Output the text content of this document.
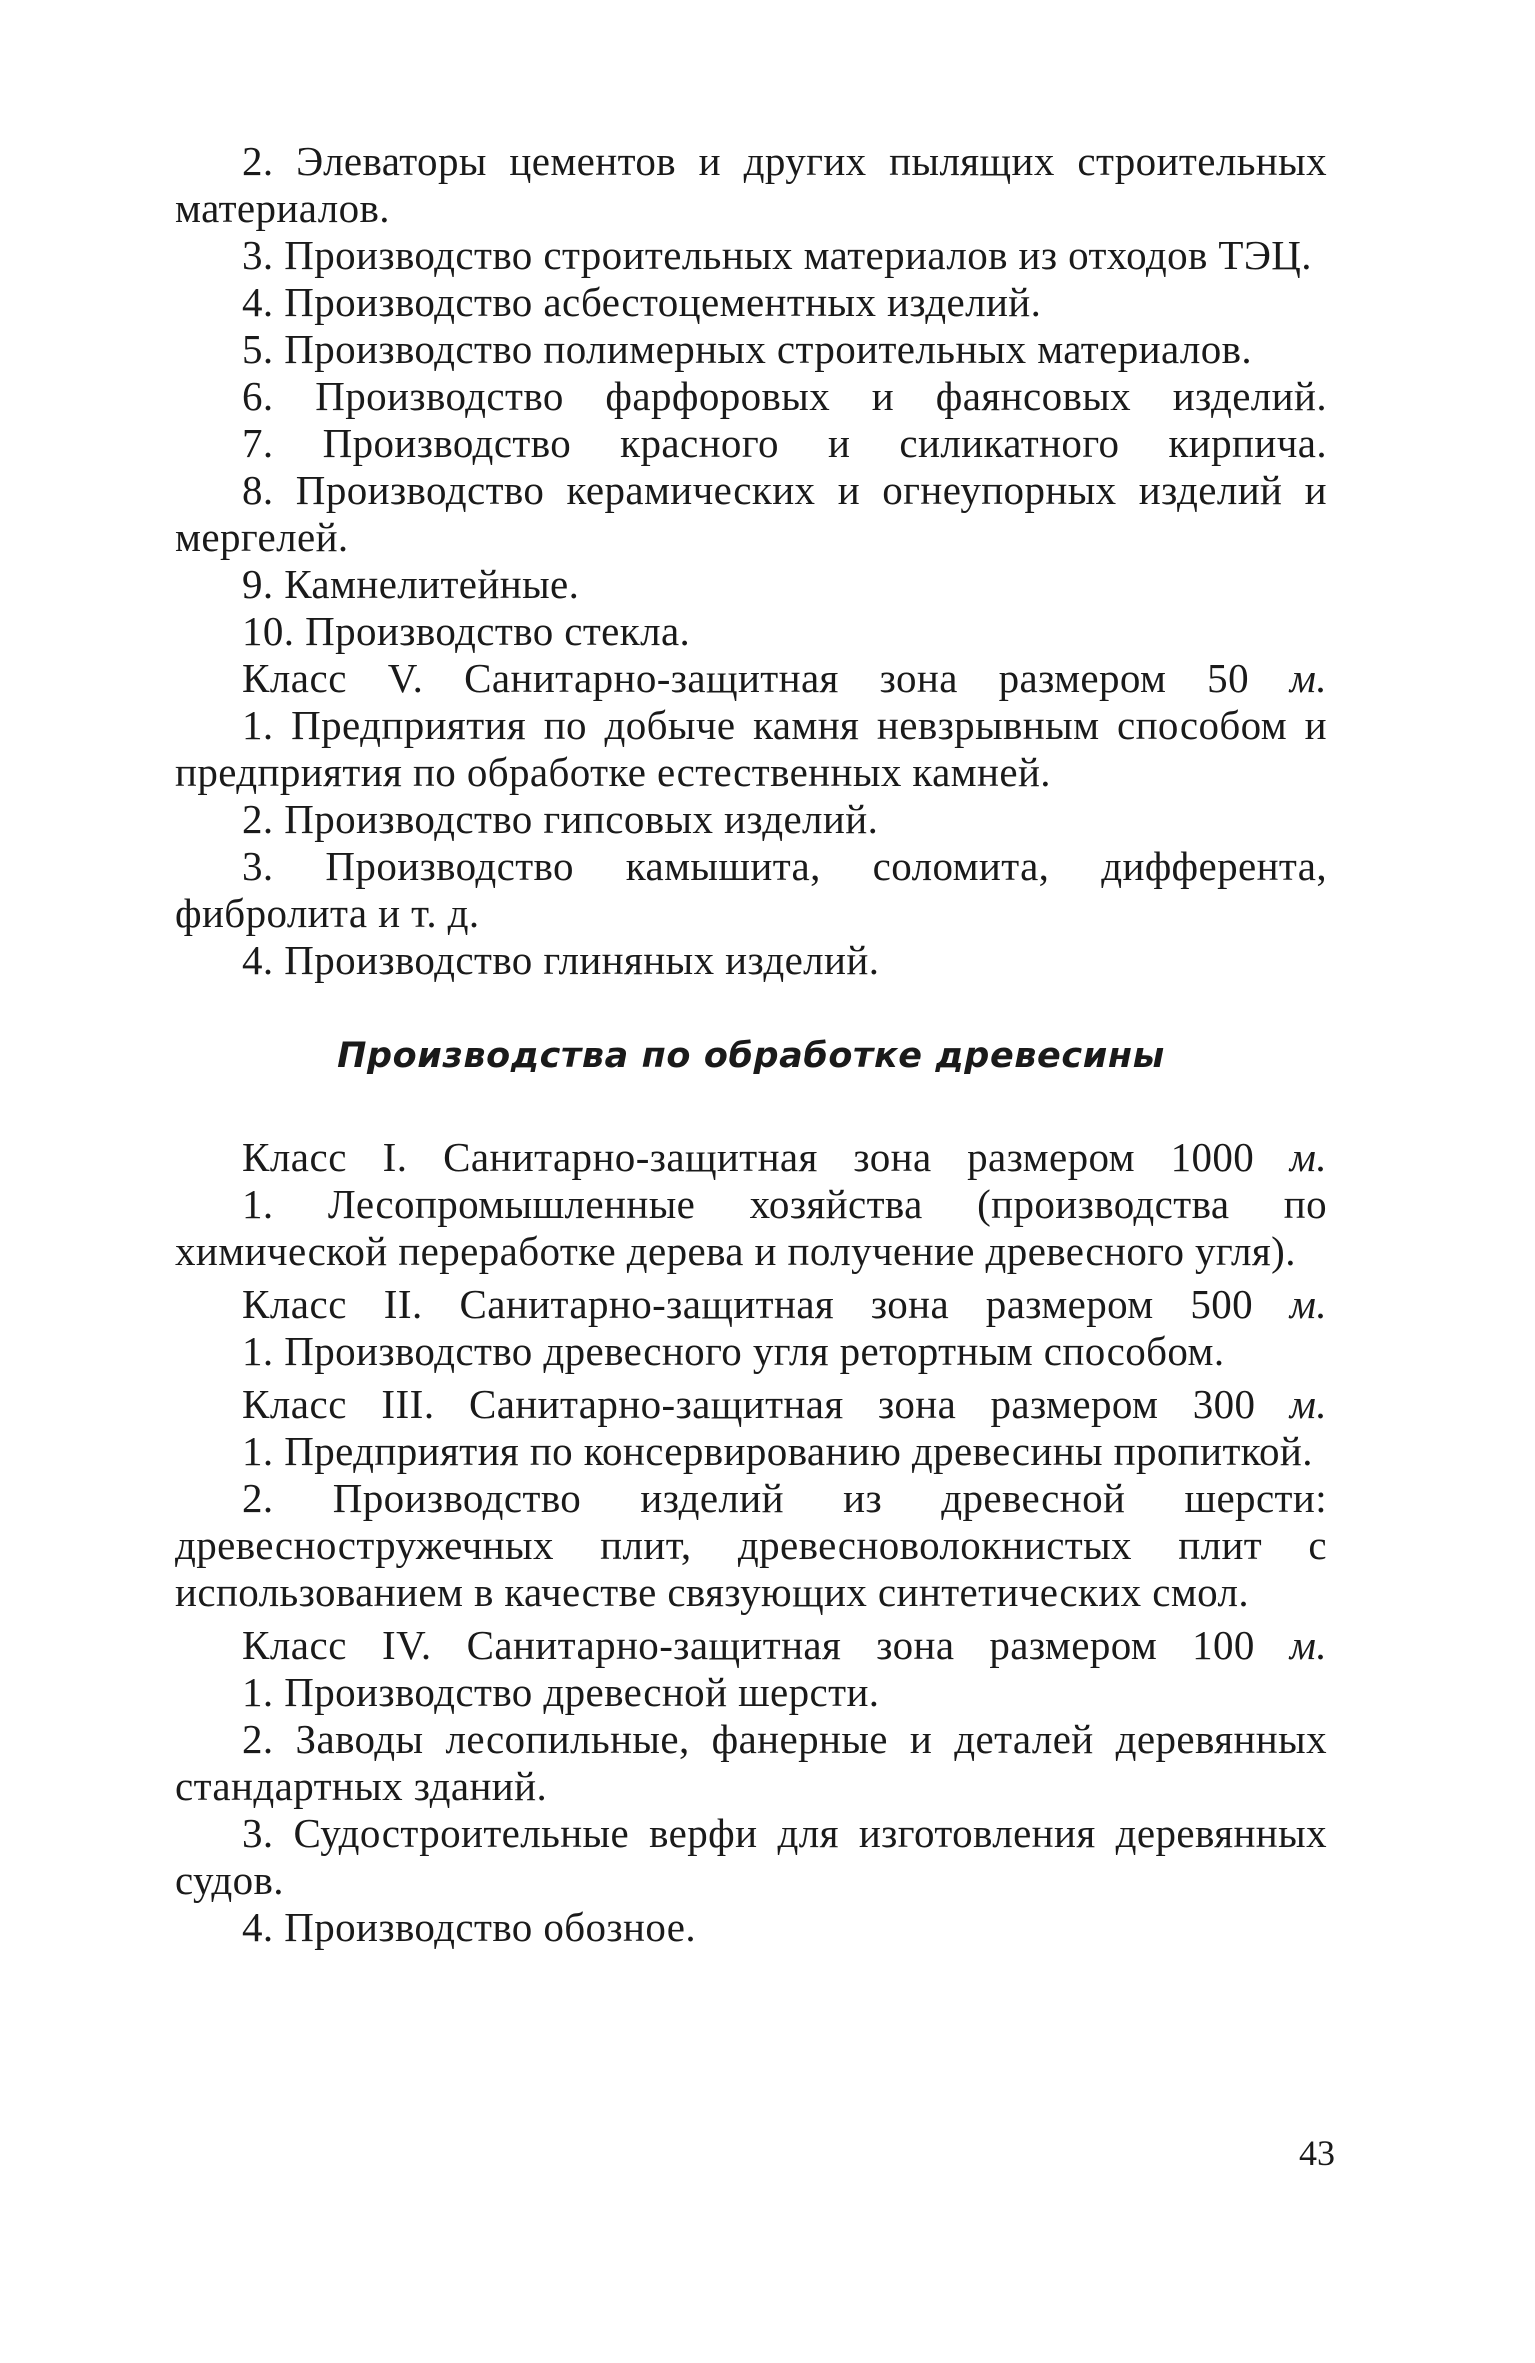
2. Элеваторы цементов и других пылящих строительных материалов.

3. Производство строительных материалов из отходов ТЭЦ.

4. Производство асбестоцементных изделий.

5. Производство полимерных строительных материалов.

6. Производство фарфоровых и фаянсовых изделий.

7. Производство красного и силикатного кирпича.

8. Производство керамических и огнеупорных изделий и мергелей.

9. Камнелитейные.

10. Производство стекла.

Класс V. Санитарно-защитная зона размером 50 м.

1. Предприятия по добыче камня невзрывным способом и предприятия по обработке естественных камней.

2. Производство гипсовых изделий.

3. Производство камышита, соломита, дифферента, фибролита и т. д.

4. Производство глиняных изделий.

Производства по обработке древесины

Класс I. Санитарно-защитная зона размером 1000 м.

1. Лесопромышленные хозяйства (производства по химической переработке дерева и получение древесного угля).

Класс II. Санитарно-защитная зона размером 500 м.

1. Производство древесного угля ретортным способом.

Класс III. Санитарно-защитная зона размером 300 м.

1. Предприятия по консервированию древесины пропиткой.

2. Производство изделий из древесной шерсти: древесностружечных плит, древесноволокнистых плит с использованием в качестве связующих синтетических смол.

Класс IV. Санитарно-защитная зона размером 100 м.

1. Производство древесной шерсти.

2. Заводы лесопильные, фанерные и деталей деревянных стандартных зданий.

3. Судостроительные верфи для изготовления деревянных судов.

4. Производство обозное.

43
